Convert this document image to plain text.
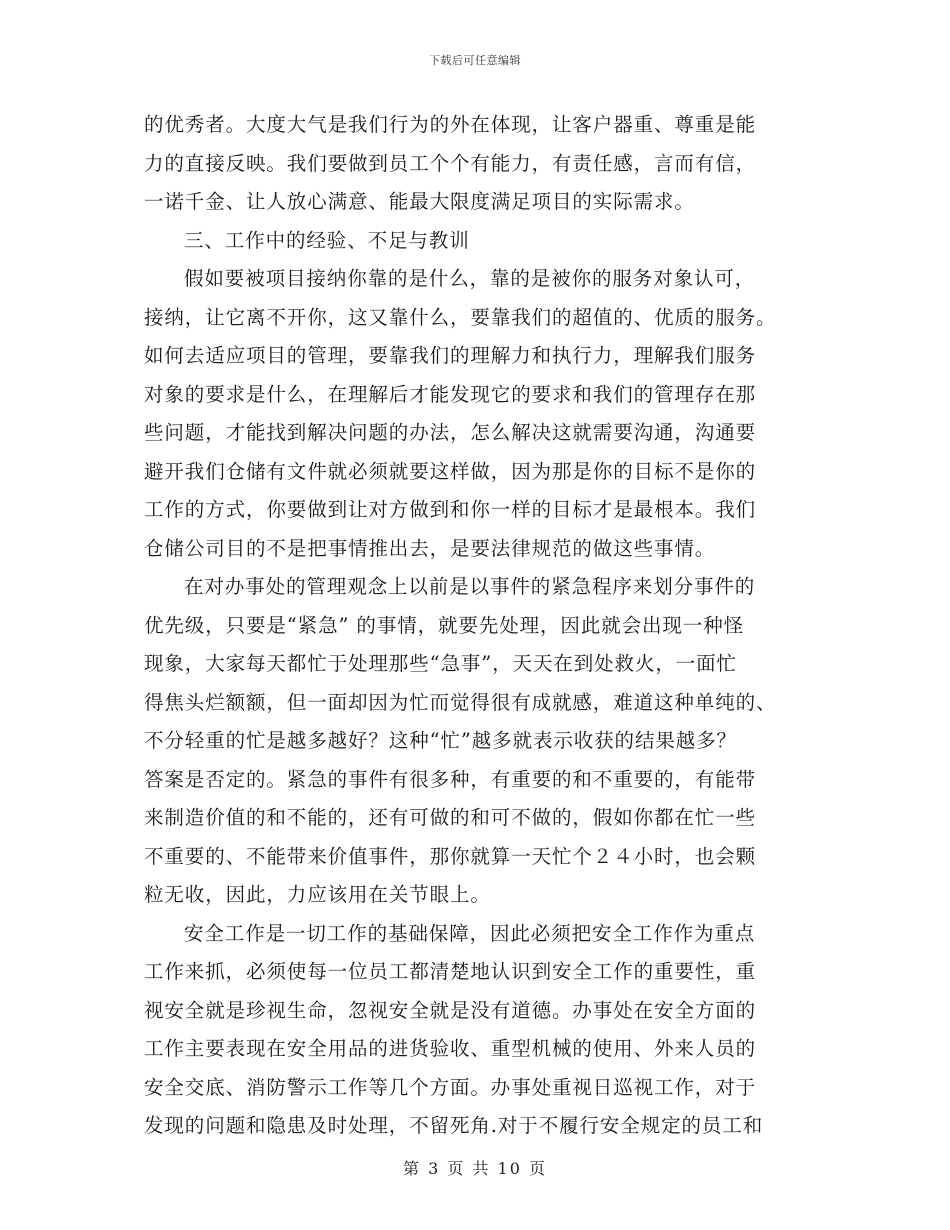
下载后可任意编辑
的优秀者。大度大气是我们行为的外在体现，让客户器重、尊重是能
力的直接反映。我们要做到员工个个有能力，有责任感，言而有信，
一诺千金、让人放心满意、能最大限度满足项目的实际需求。
三、工作中的经验、不足与教训
假如要被项目接纳你靠的是什么，靠的是被你的服务对象认可，
接纳，让它离不开你，这又靠什么，要靠我们的超值的、优质的服务。
如何去适应项目的管理，要靠我们的理解力和执行力，理解我们服务
对象的要求是什么，在理解后才能发现它的要求和我们的管理存在那
些问题，才能找到解决问题的办法，怎么解决这就需要沟通，沟通要
避开我们仓储有文件就必须就要这样做，因为那是你的目标不是你的
工作的方式，你要做到让对方做到和你一样的目标才是最根本。我们
仓储公司目的不是把事情推出去，是要法律规范的做这些事情。
在对办事处的管理观念上以前是以事件的紧急程序来划分事件的
优先级，只要是“紧急” 的事情，就要先处理，因此就会出现一种怪
现象，大家每天都忙于处理那些“急事”，天天在到处救火，一面忙
得焦头烂额额，但一面却因为忙而觉得很有成就感，难道这种单纯的、
不分轻重的忙是越多越好？这种“忙”越多就表示收获的结果越多？
答案是否定的。紧急的事件有很多种，有重要的和不重要的，有能带
来制造价值的和不能的，还有可做的和可不做的，假如你都在忙一些
不重要的、不能带来价值事件，那你就算一天忙个２４小时，也会颗
粒无收，因此，力应该用在关节眼上。
安全工作是一切工作的基础保障，因此必须把安全工作作为重点
工作来抓，必须使每一位员工都清楚地认识到安全工作的重要性，重
视安全就是珍视生命，忽视安全就是没有道德。办事处在安全方面的
工作主要表现在安全用品的进货验收、重型机械的使用、外来人员的
安全交底、消防警示工作等几个方面。办事处重视日巡视工作，对于
发现的问题和隐患及时处理，不留死角.对于不履行安全规定的员工和
第 3 页 共 10 页
